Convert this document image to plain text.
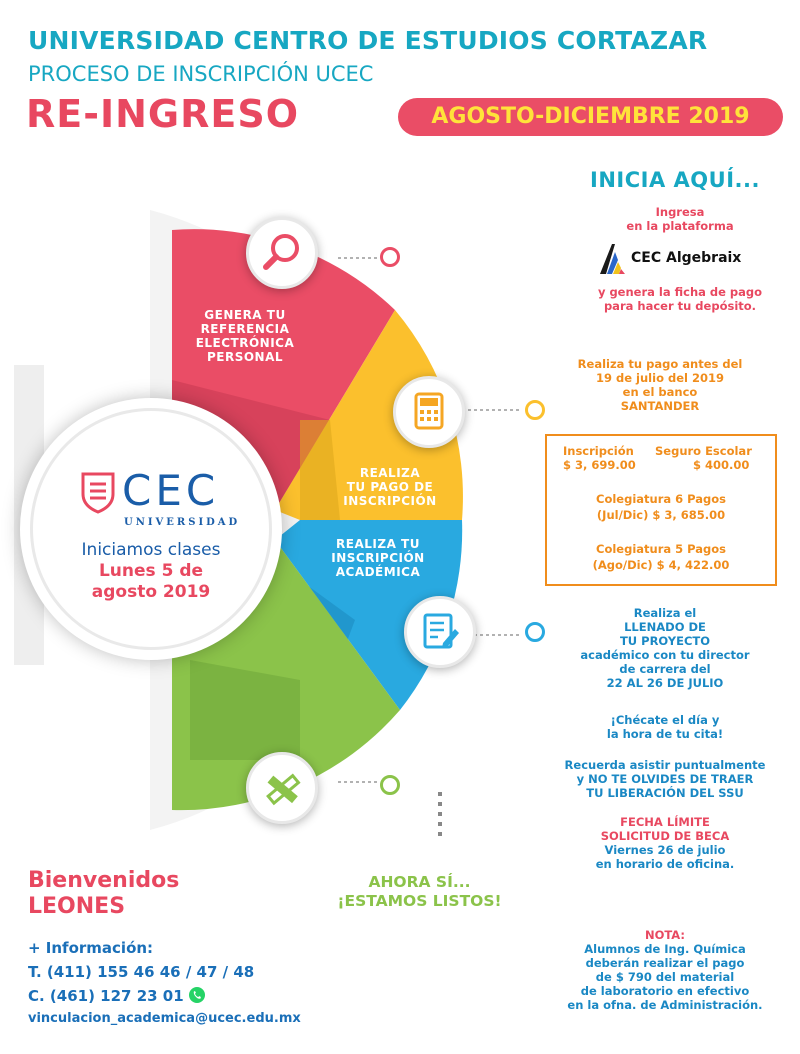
UNIVERSIDAD CENTRO DE ESTUDIOS CORTAZAR
PROCESO DE INSCRIPCIÓN UCEC
RE-INGRESO	AGOSTO-DICIEMBRE 2019
GENERA TU
REFERENCIA
ELECTRÓNICA
PERSONAL
REALIZA
TU PAGO DE
INSCRIPCIÓN
REALIZA TU
INSCRIPCIÓN
ACADÉMICA
CEC
UNIVERSIDAD
Iniciamos clases
Lunes 5 de
agosto 2019
INICIA AQUÍ...
Ingresa
en la plataforma
CEC Algebraix
y genera la ficha de pago
para hacer tu depósito.
Realiza tu pago antes del
19 de julio del 2019
en el banco
SANTANDER
Inscripción
$ 3, 699.00
Seguro Escolar
$ 400.00
Colegiatura 6 Pagos
(Jul/Dic) $ 3, 685.00
Colegiatura 5 Pagos
(Ago/Dic) $ 4, 422.00
Realiza el
LLENADO DE
TU PROYECTO
académico con tu director
de carrera del
22 AL 26 DE JULIO
¡Chécate el día y
la hora de tu cita!
Recuerda asistir puntualmente
y NO TE OLVIDES DE TRAER
TU LIBERACIÓN DEL SSU
FECHA LÍMITE
SOLICITUD DE BECA
Viernes 26 de julio
en horario de oficina.
NOTA:
Alumnos de Ing. Química
deberán realizar el pago
de $ 790 del material
de laboratorio en efectivo
en la ofna. de Administración.
AHORA SÍ...
¡ESTAMOS LISTOS!
Bienvenidos
LEONES
+ Información:
T. (411) 155 46 46 / 47 / 48
C. (461) 127 23 01
vinculacion_academica@ucec.edu.mx
